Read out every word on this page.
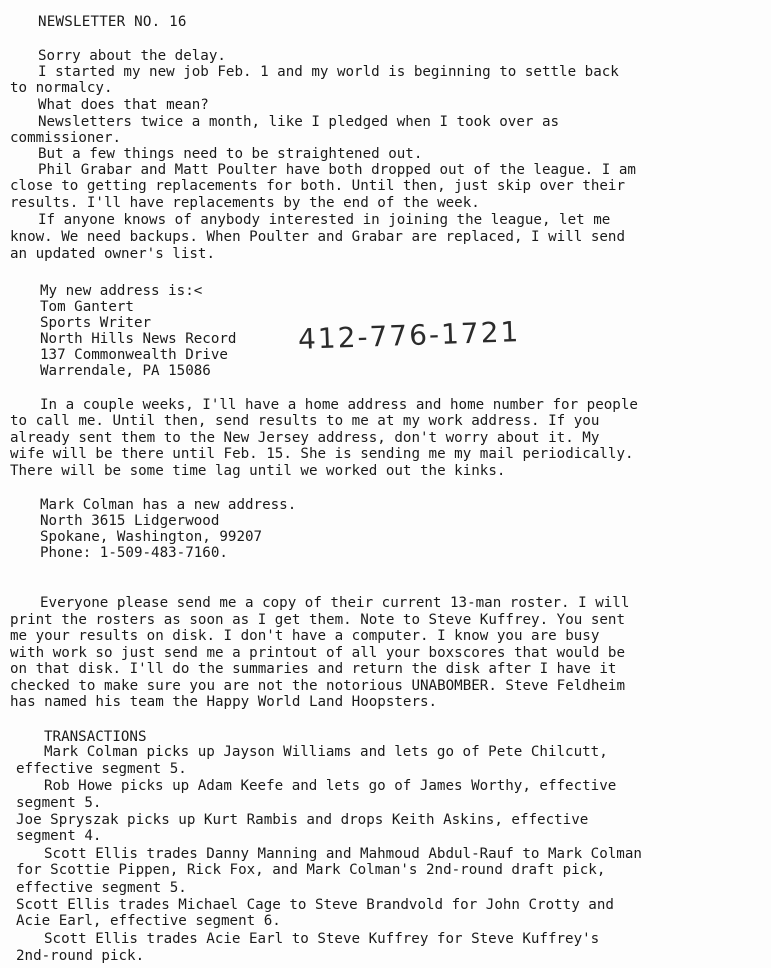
NEWSLETTER NO. 16

Sorry about the delay.

I started my new job Feb. 1 and my world is beginning to settle back

to normalcy.

What does that mean?

Newsletters twice a month, like I pledged when I took over as

commissioner.

But a few things need to be straightened out.

Phil Grabar and Matt Poulter have both dropped out of the league. I am

close to getting replacements for both. Until then, just skip over their

results. I'll have replacements by the end of the week.

If anyone knows of anybody interested in joining the league, let me

know. We need backups. When Poulter and Grabar are replaced, I will send

an updated owner's list.

My new address is:<

Tom Gantert

Sports Writer

North Hills News Record

137 Commonwealth Drive

Warrendale, PA 15086

412-776-1721

In a couple weeks, I'll have a home address and home number for people

to call me. Until then, send results to me at my work address. If you

already sent them to the New Jersey address, don't worry about it. My

wife will be there until Feb. 15. She is sending me my mail periodically.

There will be some time lag until we worked out the kinks.

Mark Colman has a new address.

North 3615 Lidgerwood

Spokane, Washington, 99207

Phone: 1-509-483-7160.

Everyone please send me a copy of their current 13-man roster. I will

print the rosters as soon as I get them. Note to Steve Kuffrey. You sent

me your results on disk. I don't have a computer. I know you are busy

with work so just send me a printout of all your boxscores that would be

on that disk. I'll do the summaries and return the disk after I have it

checked to make sure you are not the notorious UNABOMBER. Steve Feldheim

has named his team the Happy World Land Hoopsters.

TRANSACTIONS

Mark Colman picks up Jayson Williams and lets go of Pete Chilcutt,

effective segment 5.

Rob Howe picks up Adam Keefe and lets go of James Worthy, effective

segment 5.

Joe Spryszak picks up Kurt Rambis and drops Keith Askins, effective

segment 4.

Scott Ellis trades Danny Manning and Mahmoud Abdul-Rauf to Mark Colman

for Scottie Pippen, Rick Fox, and Mark Colman's 2nd-round draft pick,

effective segment 5.

Scott Ellis trades Michael Cage to Steve Brandvold for John Crotty and

Acie Earl, effective segment 6.

Scott Ellis trades Acie Earl to Steve Kuffrey for Steve Kuffrey's

2nd-round pick.
